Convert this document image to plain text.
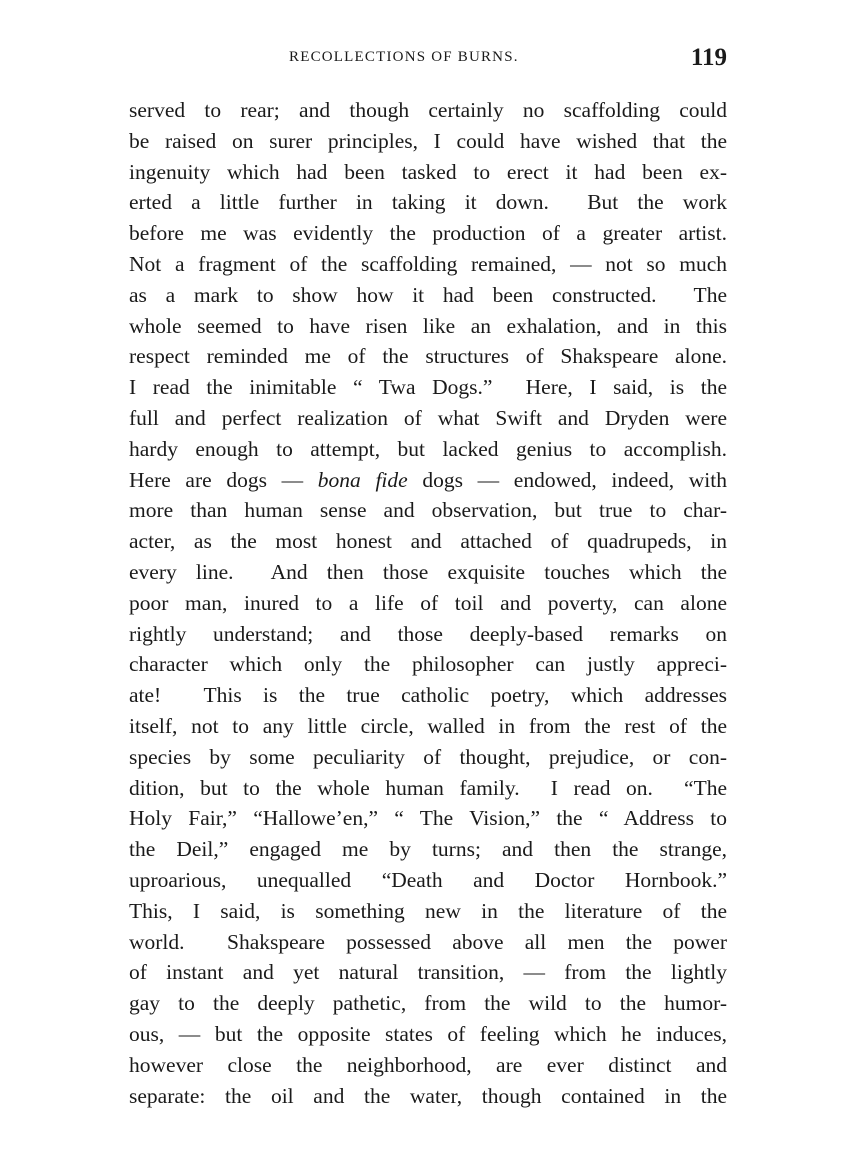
RECOLLECTIONS OF BURNS.	119
served to rear; and though certainly no scaffolding could
be raised on surer principles, I could have wished that the
ingenuity which had been tasked to erect it had been ex-
erted a little further in taking it down.  But the work
before me was evidently the production of a greater artist.
Not a fragment of the scaffolding remained, — not so much
as a mark to show how it had been constructed.  The
whole seemed to have risen like an exhalation, and in this
respect reminded me of the structures of Shakspeare alone.
I read the inimitable “ Twa Dogs.”  Here, I said, is the
full and perfect realization of what Swift and Dryden were
hardy enough to attempt, but lacked genius to accomplish.
Here are dogs — bona fide dogs — endowed, indeed, with
more than human sense and observation, but true to char-
acter, as the most honest and attached of quadrupeds, in
every line.  And then those exquisite touches which the
poor man, inured to a life of toil and poverty, can alone
rightly understand; and those deeply-based remarks on
character which only the philosopher can justly appreci-
ate!  This is the true catholic poetry, which addresses
itself, not to any little circle, walled in from the rest of the
species by some peculiarity of thought, prejudice, or con-
dition, but to the whole human family.  I read on.  “The
Holy Fair,” “Hallowe’en,” “ The Vision,” the “ Address to
the Deil,” engaged me by turns; and then the strange,
uproarious, unequalled “Death and Doctor Hornbook.”
This, I said, is something new in the literature of the
world.  Shakspeare possessed above all men the power
of instant and yet natural transition, — from the lightly
gay to the deeply pathetic, from the wild to the humor-
ous, — but the opposite states of feeling which he induces,
however close the neighborhood, are ever distinct and
separate: the oil and the water, though contained in the
